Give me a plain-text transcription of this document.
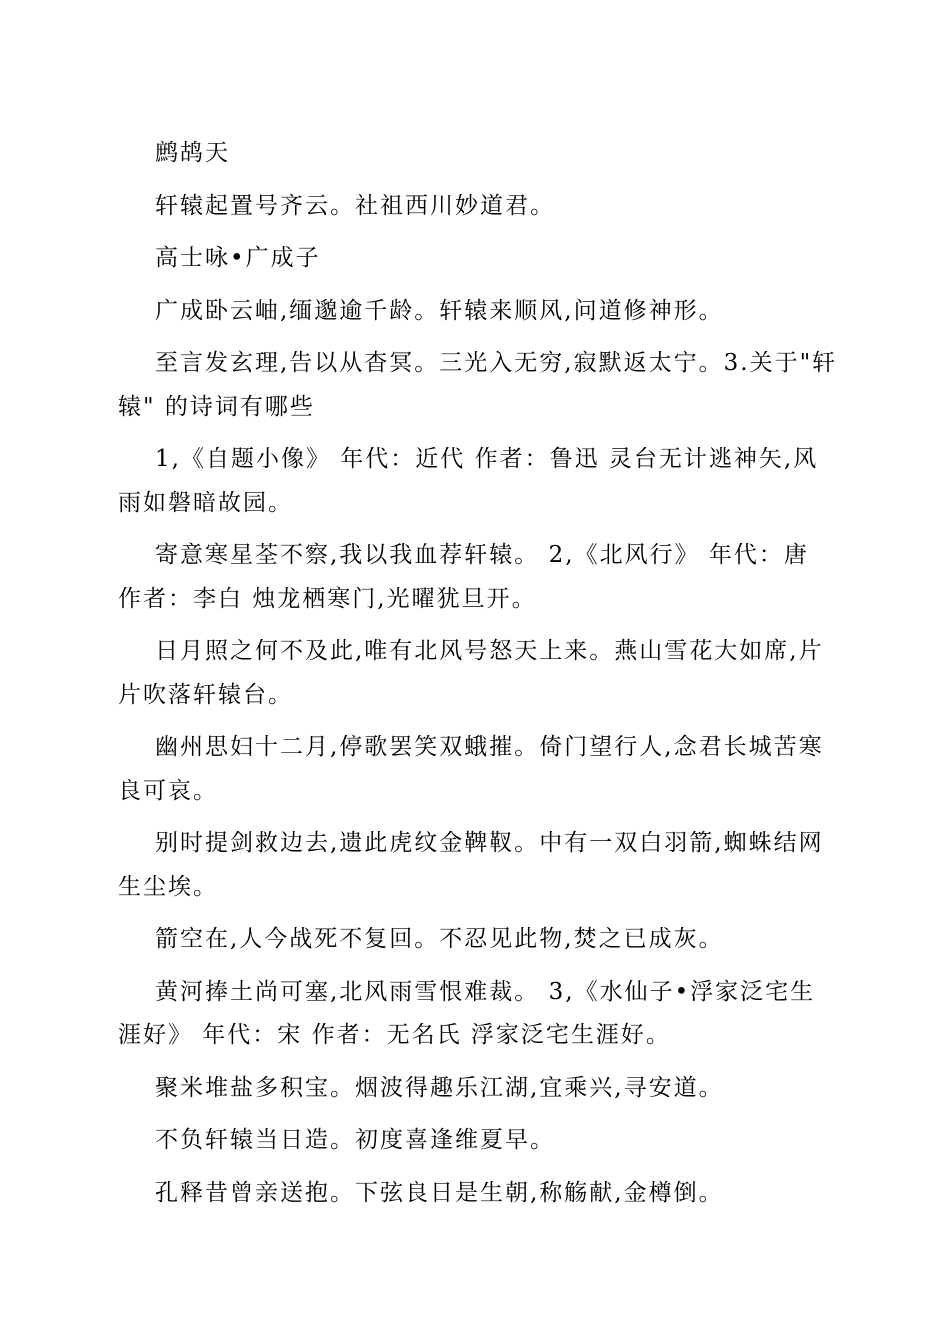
鹧鸪天

轩辕起置号齐云。社祖西川妙道君。

高士咏•广成子

广成卧云岫,缅邈逾千龄。轩辕来顺风,问道修神形。

至言发玄理,告以从杳冥。三光入无穷,寂默返太宁。3.关于"轩辕" 的诗词有哪些

1,《自题小像》 年代：近代 作者：鲁迅 灵台无计逃神矢,风雨如磐暗故园。

寄意寒星荃不察,我以我血荐轩辕。 2,《北风行》 年代：唐 作者：李白 烛龙栖寒门,光曜犹旦开。

日月照之何不及此,唯有北风号怒天上来。燕山雪花大如席,片片吹落轩辕台。

幽州思妇十二月,停歌罢笑双蛾摧。倚门望行人,念君长城苦寒良可哀。

别时提剑救边去,遗此虎纹金鞞靫。中有一双白羽箭,蜘蛛结网生尘埃。

箭空在,人今战死不复回。不忍见此物,焚之已成灰。

黄河捧土尚可塞,北风雨雪恨难裁。 3,《水仙子•浮家泛宅生涯好》 年代：宋 作者：无名氏 浮家泛宅生涯好。

聚米堆盐多积宝。烟波得趣乐江湖,宜乘兴,寻安道。

不负轩辕当日造。初度喜逢维夏早。

孔释昔曾亲送抱。下弦良日是生朝,称觞献,金樽倒。
